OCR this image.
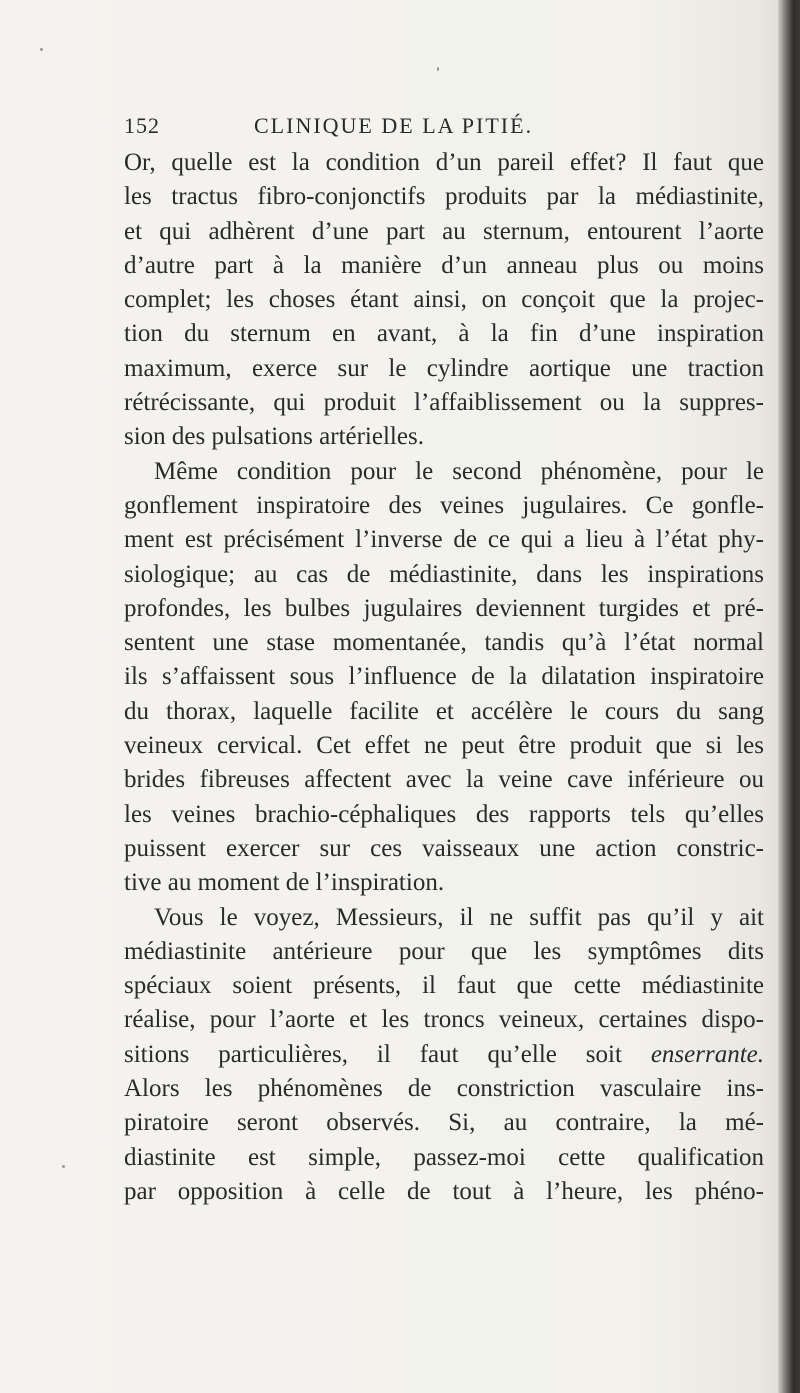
152	CLINIQUE DE LA PITIÉ.
Or, quelle est la condition d’un pareil effet? Il faut que
les tractus fibro-conjonctifs produits par la médiastinite,
et qui adhèrent d’une part au sternum, entourent l’aorte
d’autre part à la manière d’un anneau plus ou moins
complet; les choses étant ainsi, on conçoit que la projec-
tion du sternum en avant, à la fin d’une inspiration
maximum, exerce sur le cylindre aortique une traction
rétrécissante, qui produit l’affaiblissement ou la suppres-
sion des pulsations artérielles.
Même condition pour le second phénomène, pour le
gonflement inspiratoire des veines jugulaires. Ce gonfle-
ment est précisément l’inverse de ce qui a lieu à l’état phy-
siologique; au cas de médiastinite, dans les inspirations
profondes, les bulbes jugulaires deviennent turgides et pré-
sentent une stase momentanée, tandis qu’à l’état normal
ils s’affaissent sous l’influence de la dilatation inspiratoire
du thorax, laquelle facilite et accélère le cours du sang
veineux cervical. Cet effet ne peut être produit que si les
brides fibreuses affectent avec la veine cave inférieure ou
les veines brachio-céphaliques des rapports tels qu’elles
puissent exercer sur ces vaisseaux une action constric-
tive au moment de l’inspiration.
Vous le voyez, Messieurs, il ne suffit pas qu’il y ait
médiastinite antérieure pour que les symptômes dits
spéciaux soient présents, il faut que cette médiastinite
réalise, pour l’aorte et les troncs veineux, certaines dispo-
sitions particulières, il faut qu’elle soit enserrante.
Alors les phénomènes de constriction vasculaire ins-
piratoire seront observés. Si, au contraire, la mé-
diastinite est simple, passez-moi cette qualification
par opposition à celle de tout à l’heure, les phéno-
